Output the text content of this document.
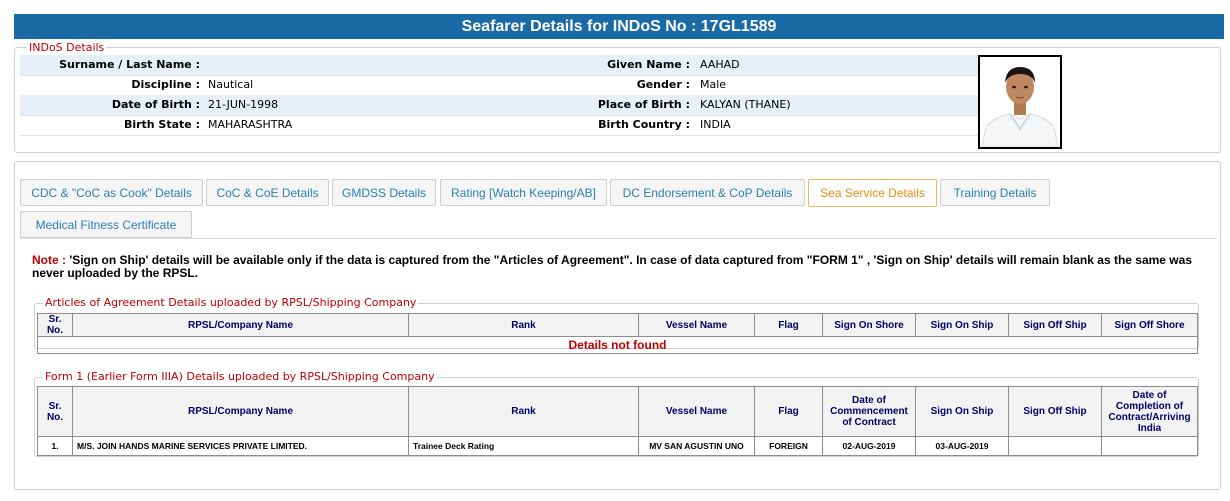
Seafarer Details for INDoS No : 17GL1589
INDoS Details
Surname / Last Name :	Given Name : AAHAD
Discipline : Nautical	Gender : Male
Date of Birth : 21-JUN-1998	Place of Birth : KALYAN (THANE)
Birth State : MAHARASHTRA	Birth Country : INDIA
CDC & "CoC as Cook" Details	CoC & CoE Details	GMDSS Details	Rating [Watch Keeping/AB]	DC Endorsement & CoP Details	Sea Service Details	Training Details
Medical Fitness Certificate
Note : 'Sign on Ship' details will be available only if the data is captured from the "Articles of Agreement". In case of data captured from "FORM 1" , 'Sign on Ship' details will remain blank as the same was never uploaded by the RPSL.
Articles of Agreement Details uploaded by RPSL/Shipping Company
Sr. No.	RPSL/Company Name	Rank	Vessel Name	Flag	Sign On Shore	Sign On Ship	Sign Off Ship	Sign Off Shore
Details not found
Form 1 (Earlier Form IIIA) Details uploaded by RPSL/Shipping Company
Sr. No.	RPSL/Company Name	Rank	Vessel Name	Flag	Date of Commencement of Contract	Sign On Ship	Sign Off Ship	Date of Completion of Contract/Arriving India
1.	M/S. JOIN HANDS MARINE SERVICES PRIVATE LIMITED.	Trainee Deck Rating	MV SAN AGUSTIN UNO	FOREIGN	02-AUG-2019	03-AUG-2019		
